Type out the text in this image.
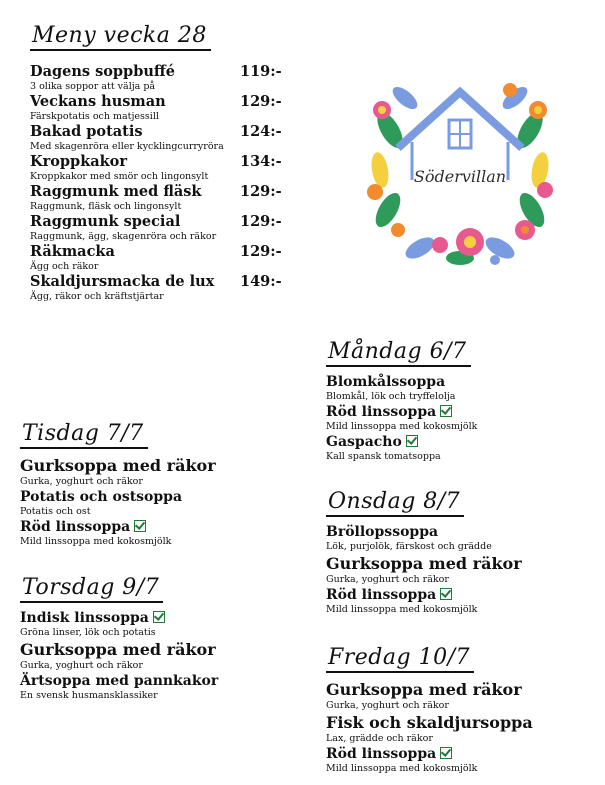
Meny vecka 28
Dagens soppbuffé	119:-
3 olika soppor att välja på
Veckans husman	129:-
Färskpotatis och matjessill
Bakad potatis	124:-
Med skagenröra eller kycklingcurryröra
Kroppkakor	134:-
Kroppkakor med smör och lingonsylt
Raggmunk med fläsk	129:-
Raggmunk, fläsk och lingonsylt
Raggmunk special	129:-
Raggmunk, ägg, skagenröra och räkor
Räkmacka	129:-
Ägg och räkor
Skaldjursmacka de lux 149:-
Ägg, räkor och kräftstjärtar
Södervillan
Måndag 6/7
Blomkålssoppa
Blomkål, lök och tryffelolja
Röd linssoppa
Mild linssoppa med kokosmjölk
Gaspacho
Kall spansk tomatsoppa
Tisdag 7/7
Gurksoppa med räkor
Gurka, yoghurt och räkor
Potatis och ostsoppa
Potatis och ost
Röd linssoppa
Mild linssoppa med kokosmjölk
Onsdag 8/7
Bröllopssoppa
Lök, purjolök, färskost och grädde
Gurksoppa med räkor
Gurka, yoghurt och räkor
Röd linssoppa
Mild linssoppa med kokosmjölk
Torsdag 9/7
Indisk linssoppa
Gröna linser, lök och potatis
Gurksoppa med räkor
Gurka, yoghurt och räkor
Ärtsoppa med pannkakor
En svensk husmansklassiker
Fredag 10/7
Gurksoppa med räkor
Gurka, yoghurt och räkor
Fisk och skaldjursoppa
Lax, grädde och räkor
Röd linssoppa
Mild linssoppa med kokosmjölk
